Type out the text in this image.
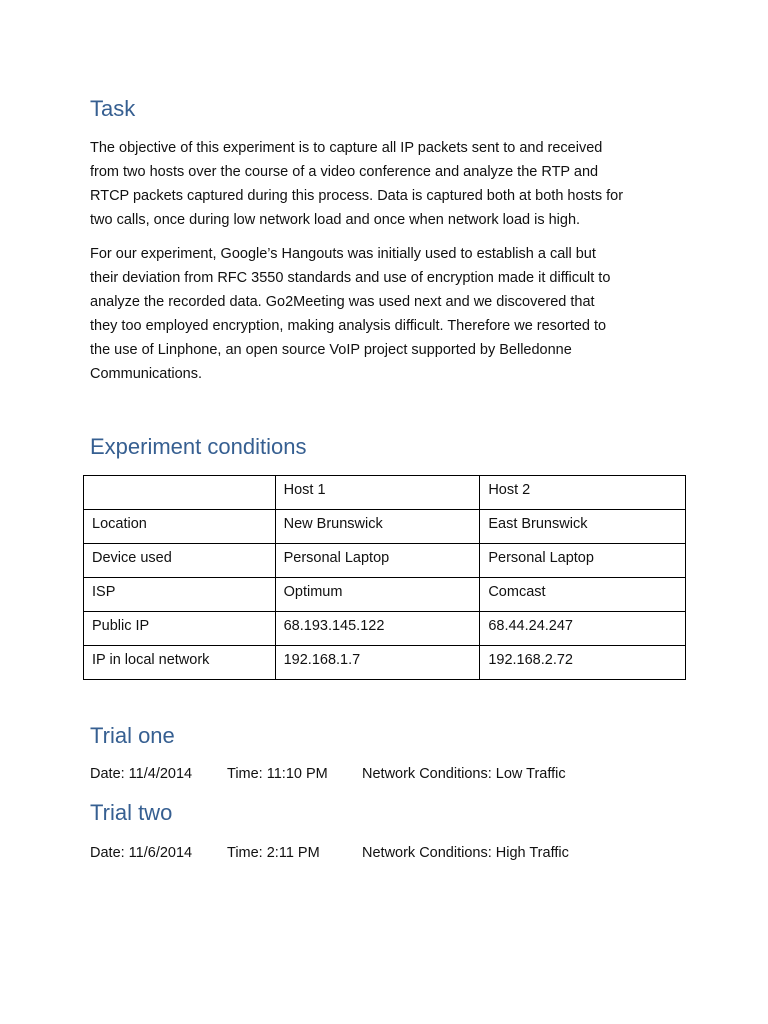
Task

The objective of this experiment is to capture all IP packets sent to and received
from two hosts over the course of a video conference and analyze the RTP and
RTCP packets captured during this process. Data is captured both at both hosts for
two calls, once during low network load and once when network load is high.

For our experiment, Google’s Hangouts was initially used to establish a call but
their deviation from RFC 3550 standards and use of encryption made it difficult to
analyze the recorded data. Go2Meeting was used next and we discovered that
they too employed encryption, making analysis difficult. Therefore we resorted to
the use of Linphone, an open source VoIP project supported by Belledonne
Communications.

Experiment conditions
	Host 1	Host 2
Location	New Brunswick	East Brunswick
Device used	Personal Laptop	Personal Laptop
ISP	Optimum	Comcast
Public IP	68.193.145.122	68.44.24.247
IP in local network	192.168.1.7	192.168.2.72
Trial one
Date: 11/4/2014 Time: 11:10 PM Network Conditions: Low Traffic
Trial two
Date: 11/6/2014 Time: 2:11 PM	Network Conditions: High Traffic
